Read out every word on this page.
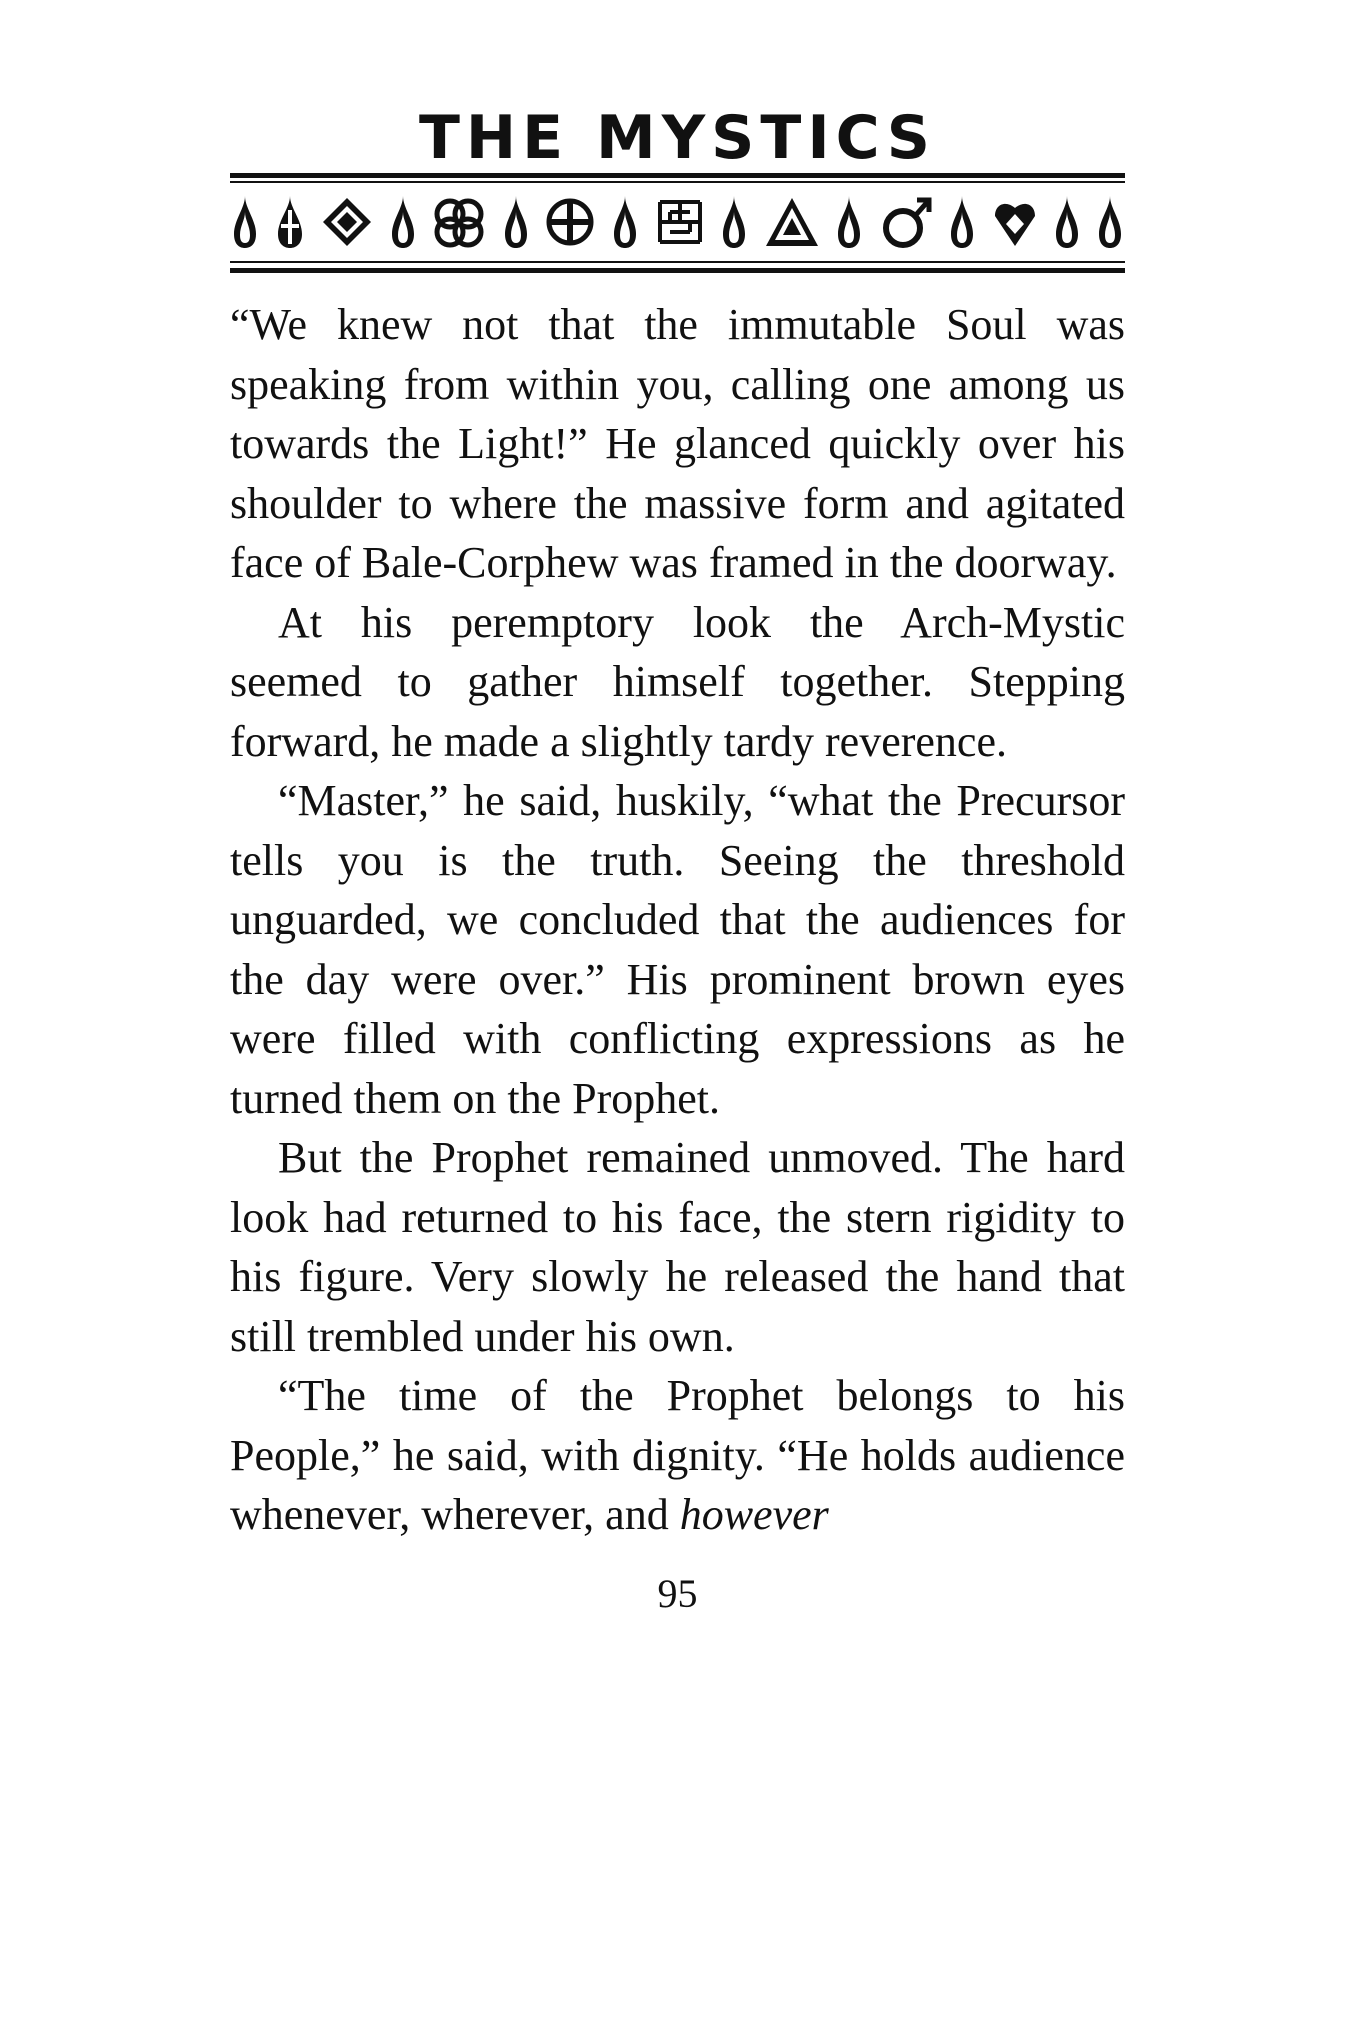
THE MYSTICS

“We knew not that the immutable Soul was speaking from within you, calling one among us towards the Light!” He glanced quickly over his shoulder to where the massive form and agitated face of Bale-Corphew was framed in the doorway.

At his peremptory look the Arch-Mystic seemed to gather himself together. Stepping forward, he made a slightly tardy reverence.

“Master,” he said, huskily, “what the Precursor tells you is the truth. Seeing the threshold unguarded, we concluded that the audiences for the day were over.” His prominent brown eyes were filled with conflicting expressions as he turned them on the Prophet.

But the Prophet remained unmoved. The hard look had returned to his face, the stern rigidity to his figure. Very slowly he released the hand that still trembled under his own.

“The time of the Prophet belongs to his People,” he said, with dignity. “He holds audience whenever, wherever, and however

95
